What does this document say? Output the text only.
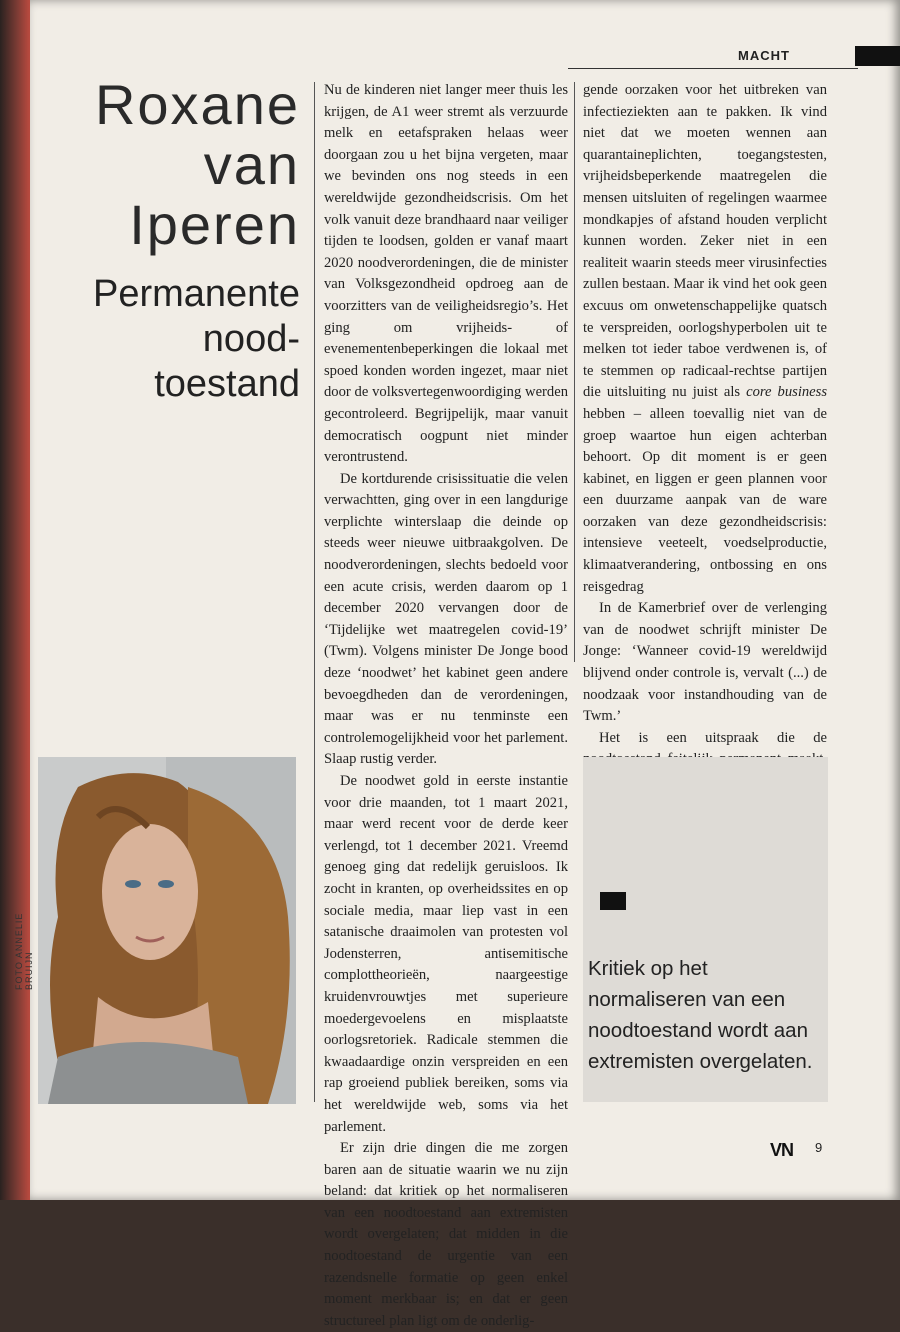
MACHT
Roxane
van
Iperen
Permanente
nood-
toestand

Nu de kinderen niet langer meer thuis les krijgen, de A1 weer stremt als verzuurde melk en eetafspraken helaas weer doorgaan zou u het bijna vergeten, maar we bevinden ons nog steeds in een wereldwijde gezondheidscrisis. Om het volk vanuit deze brandhaard naar veiliger tijden te loodsen, golden er vanaf maart 2020 noodverordeningen, die de minister van Volksgezondheid opdroeg aan de voorzitters van de veiligheidsregio’s. Het ging om vrijheids- of evenementenbeperkingen die lokaal met spoed konden worden ingezet, maar niet door de volksvertegenwoordiging werden gecontroleerd. Begrijpelijk, maar vanuit democratisch oogpunt niet minder verontrustend.

De kortdurende crisissituatie die velen verwachtten, ging over in een langdurige verplichte winterslaap die deinde op steeds weer nieuwe uitbraakgolven. De noodverordeningen, slechts bedoeld voor een acute crisis, werden daarom op 1 december 2020 vervangen door de ‘Tijdelijke wet maatregelen covid-19’ (Twm). Volgens minister De Jonge bood deze ‘noodwet’ het kabinet geen andere bevoegdheden dan de verordeningen, maar was er nu tenminste een controlemogelijkheid voor het parlement. Slaap rustig verder.

De noodwet gold in eerste instantie voor drie maanden, tot 1 maart 2021, maar werd recent voor de derde keer verlengd, tot 1 december 2021. Vreemd genoeg ging dat redelijk geruisloos. Ik zocht in kranten, op overheidssites en op sociale media, maar liep vast in een satanische draaimolen van protesten vol Jodensterren, antisemitische complottheorieën, naargeestige kruidenvrouwtjes met superieure moedergevoelens en misplaatste oorlogsretoriek. Radicale stemmen die kwaadaardige onzin verspreiden en een rap groeiend publiek bereiken, soms via het wereldwijde web, soms via het parlement.

Er zijn drie dingen die me zorgen baren aan de situatie waarin we nu zijn beland: dat kritiek op het normaliseren van een noodtoestand aan extremisten wordt overgelaten; dat midden in die noodtoestand de urgentie van een razendsnelle formatie op geen enkel moment merkbaar is; en dat er geen structureel plan ligt om de onderlig-

gende oorzaken voor het uitbreken van infectieziekten aan te pakken. Ik vind niet dat we moeten wennen aan quarantaineplichten, toegangstesten, vrijheidsbeperkende maatregelen die mensen uitsluiten of regelingen waarmee mondkapjes of afstand houden verplicht kunnen worden. Zeker niet in een realiteit waarin steeds meer virusinfecties zullen bestaan. Maar ik vind het ook geen excuus om onwetenschappelijke quatsch te verspreiden, oorlogshyperbolen uit te melken tot ieder taboe verdwenen is, of te stemmen op radicaal-rechtse partijen die uitsluiting nu juist als core business hebben – alleen toevallig niet van de groep waartoe hun eigen achterban behoort. Op dit moment is er geen kabinet, en liggen er geen plannen voor een duurzame aanpak van de ware oorzaken van deze gezondheidscrisis: intensieve veeteelt, voedselproductie, klimaatverandering, ontbossing en ons reisgedrag

In de Kamerbrief over de verlenging van de noodwet schrijft minister De Jonge: ‘Wanneer covid-19 wereldwijd blijvend onder controle is, vervalt (...) de noodzaak voor instandhouding van de Twm.’

Het is een uitspraak die de

FOTO ANNELIE BRUIJN	Kritiek op het normaliseren van een noodtoestand wordt aan extremisten overgelaten.
VN 9
